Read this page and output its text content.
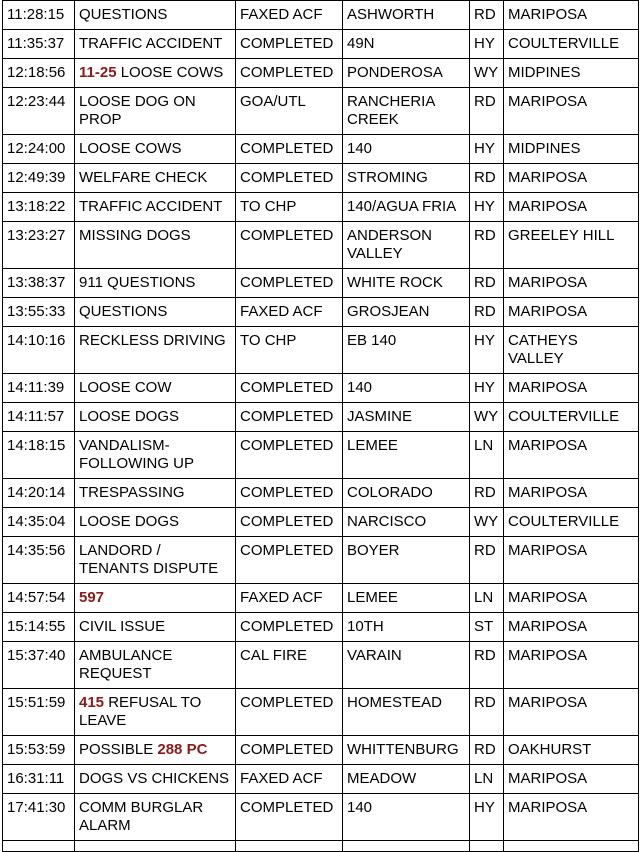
11:28:15	QUESTIONS	FAXED ACF	ASHWORTH	RD	MARIPOSA
11:35:37	TRAFFIC ACCIDENT	COMPLETED	49N	HY	COULTERVILLE
12:18:56	11-25 LOOSE COWS	COMPLETED	PONDEROSA	WY	MIDPINES
12:23:44	LOOSE DOG ON PROP	GOA/UTL	RANCHERIA CREEK	RD	MARIPOSA
12:24:00	LOOSE COWS	COMPLETED	140	HY	MIDPINES
12:49:39	WELFARE CHECK	COMPLETED	STROMING	RD	MARIPOSA
13:18:22	TRAFFIC ACCIDENT	TO CHP	140/AGUA FRIA	HY	MARIPOSA
13:23:27	MISSING DOGS	COMPLETED	ANDERSON VALLEY	RD	GREELEY HILL
13:38:37	911 QUESTIONS	COMPLETED	WHITE ROCK	RD	MARIPOSA
13:55:33	QUESTIONS	FAXED ACF	GROSJEAN	RD	MARIPOSA
14:10:16	RECKLESS DRIVING	TO CHP	EB 140	HY	CATHEYS VALLEY
14:11:39	LOOSE COW	COMPLETED	140	HY	MARIPOSA
14:11:57	LOOSE DOGS	COMPLETED	JASMINE	WY	COULTERVILLE
14:18:15	VANDALISM- FOLLOWING UP	COMPLETED	LEMEE	LN	MARIPOSA
14:20:14	TRESPASSING	COMPLETED	COLORADO	RD	MARIPOSA
14:35:04	LOOSE DOGS	COMPLETED	NARCISCO	WY	COULTERVILLE
14:35:56	LANDORD / TENANTS DISPUTE	COMPLETED	BOYER	RD	MARIPOSA
14:57:54	597	FAXED ACF	LEMEE	LN	MARIPOSA
15:14:55	CIVIL ISSUE	COMPLETED	10TH	ST	MARIPOSA
15:37:40	AMBULANCE REQUEST	CAL FIRE	VARAIN	RD	MARIPOSA
15:51:59	415 REFUSAL TO LEAVE	COMPLETED	HOMESTEAD	RD	MARIPOSA
15:53:59	POSSIBLE 288 PC	COMPLETED	WHITTENBURG	RD	OAKHURST
16:31:11	DOGS VS CHICKENS	FAXED ACF	MEADOW	LN	MARIPOSA
17:41:30	COMM BURGLAR ALARM	COMPLETED	140	HY	MARIPOSA
